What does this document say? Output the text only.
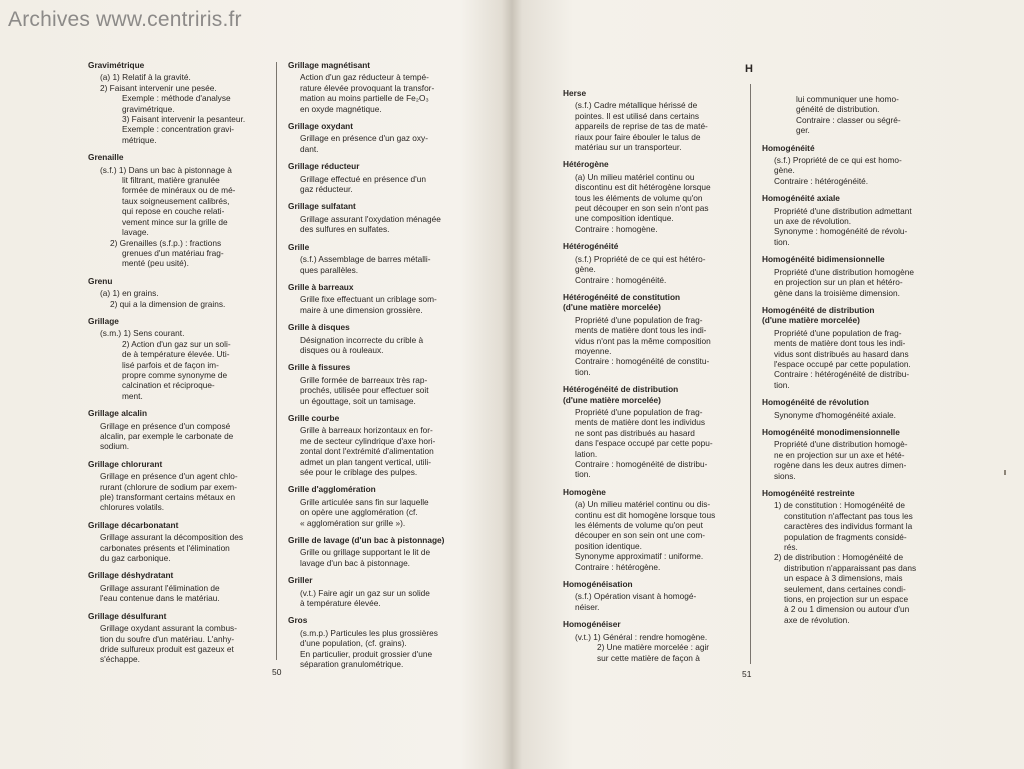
Archives www.centriris.fr
Gravimétrique
(a) 1) Relatif à la gravité.
2) Faisant intervenir une pesée.
Exemple : méthode d'analyse
gravimétrique.
3) Faisant intervenir la pesanteur.
Exemple : concentration gravi-
métrique.
Grenaille
(s.f.) 1) Dans un bac à pistonnage à
lit filtrant, matière granulée
formée de minéraux ou de mé-
taux soigneusement calibrés,
qui repose en couche relati-
vement mince sur la grille de
lavage.
2) Grenailles (s.f.p.) : fractions
grenues d'un matériau frag-
menté (peu usité).
Grenu
(a) 1) en grains.
2) qui a la dimension de grains.
Grillage
(s.m.) 1) Sens courant.
2) Action d'un gaz sur un soli-
de à température élevée. Uti-
lisé parfois et de façon im-
propre comme synonyme de
calcination et réciproque-
ment.
Grillage alcalin
Grillage en présence d'un composé
alcalin, par exemple le carbonate de
sodium.
Grillage chlorurant
Grillage en présence d'un agent chlo-
rurant (chlorure de sodium par exem-
ple) transformant certains métaux en
chlorures volatils.
Grillage décarbonatant
Grillage assurant la décomposition des
carbonates présents et l'élimination
du gaz carbonique.
Grillage déshydratant
Grillage assurant l'élimination de
l'eau contenue dans le matériau.
Grillage désulfurant
Grillage oxydant assurant la combus-
tion du soufre d'un matériau. L'anhy-
dride sulfureux produit est gazeux et
s'échappe.
Grillage magnétisant
Action d'un gaz réducteur à tempé-
rature élevée provoquant la transfor-
mation au moins partielle de Fe₂O₃
en oxyde magnétique.
Grillage oxydant
Grillage en présence d'un gaz oxy-
dant.
Grillage réducteur
Grillage effectué en présence d'un
gaz réducteur.
Grillage sulfatant
Grillage assurant l'oxydation ménagée
des sulfures en sulfates.
Grille
(s.f.) Assemblage de barres métalli-
ques parallèles.
Grille à barreaux
Grille fixe effectuant un criblage som-
maire à une dimension grossière.
Grille à disques
Désignation incorrecte du crible à
disques ou à rouleaux.
Grille à fissures
Grille formée de barreaux très rap-
prochés, utilisée pour effectuer soit
un égouttage, soit un tamisage.
Grille courbe
Grille à barreaux horizontaux en for-
me de secteur cylindrique d'axe hori-
zontal dont l'extrémité d'alimentation
admet un plan tangent vertical, utili-
sée pour le criblage des pulpes.
Grille d'agglomération
Grille articulée sans fin sur laquelle
on opère une agglomération (cf.
« agglomération sur grille »).
Grille de lavage (d'un bac à pistonnage)
Grille ou grillage supportant le lit de
lavage d'un bac à pistonnage.
Griller
(v.t.) Faire agir un gaz sur un solide
à température élevée.
Gros
(s.m.p.) Particules les plus grossières
d'une population, (cf. grains).
En particulier, produit grossier d'une
séparation granulométrique.
50
H
Herse
(s.f.) Cadre métallique hérissé de
pointes. Il est utilisé dans certains
appareils de reprise de tas de maté-
riaux pour faire ébouler le talus de
matériau sur un transporteur.
Hétérogène
(a) Un milieu matériel continu ou
discontinu est dit hétérogène lorsque
tous les éléments de volume qu'on
peut découper en son sein n'ont pas
une composition identique.
Contraire : homogène.
Hétérogénéité
(s.f.) Propriété de ce qui est hétéro-
gène.
Contraire : homogénéité.
Hétérogénéité de constitution
(d'une matière morcelée)
Propriété d'une population de frag-
ments de matière dont tous les indi-
vidus n'ont pas la même composition
moyenne.
Contraire : homogénéité de constitu-
tion.
Hétérogénéité de distribution
(d'une matière morcelée)
Propriété d'une population de frag-
ments de matière dont les individus
ne sont pas distribués au hasard
dans l'espace occupé par cette popu-
lation.
Contraire : homogénéité de distribu-
tion.
Homogène
(a) Un milieu matériel continu ou dis-
continu est dit homogène lorsque tous
les éléments de volume qu'on peut
découper en son sein ont une com-
position identique.
Synonyme approximatif : uniforme.
Contraire : hétérogène.
Homogénéisation
(s.f.) Opération visant à homogé-
néiser.
Homogénéiser
(v.t.) 1) Général : rendre homogène.
2) Une matière morcelée : agir
sur cette matière de façon à
lui communiquer une homo-
généité de distribution.
Contraire : classer ou ségré-
ger.
Homogénéité
(s.f.) Propriété de ce qui est homo-
gène.
Contraire : hétérogénéité.
Homogénéité axiale
Propriété d'une distribution admettant
un axe de révolution.
Synonyme : homogénéité de révolu-
tion.
Homogénéité bidimensionnelle
Propriété d'une distribution homogène
en projection sur un plan et hétéro-
gène dans la troisième dimension.
Homogénéité de distribution
(d'une matière morcelée)
Propriété d'une population de frag-
ments de matière dont tous les indi-
vidus sont distribués au hasard dans
l'espace occupé par cette population.
Contraire : hétérogénéité de distribu-
tion.
Homogénéité de révolution
Synonyme d'homogénéité axiale.
Homogénéité monodimensionnelle
Propriété d'une distribution homogè-
ne en projection sur un axe et hété-
rogène dans les deux autres dimen-
sions.
Homogénéité restreinte
1) de constitution : Homogénéité de
constitution n'affectant pas tous les
caractères des individus formant la
population de fragments considé-
rés.
2) de distribution : Homogénéité de
distribution n'apparaissant pas dans
un espace à 3 dimensions, mais
seulement, dans certaines condi-
tions, en projection sur un espace
à 2 ou 1 dimension ou autour d'un
axe de révolution.
51
